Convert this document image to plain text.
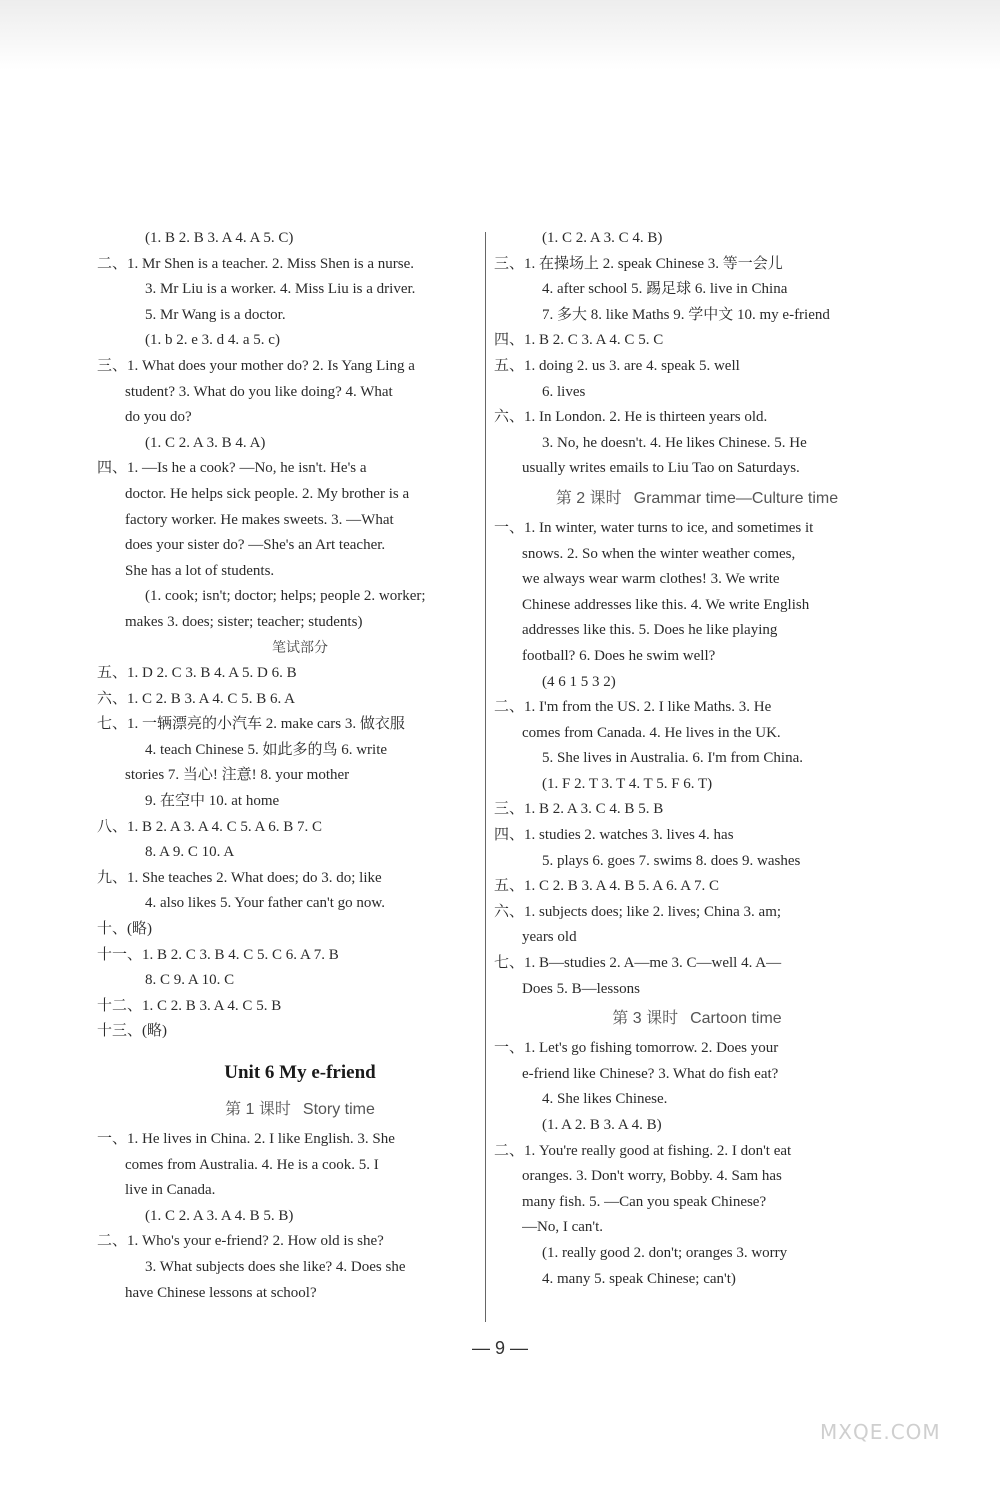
(1. B 2. B 3. A 4. A 5. C)
二、1. Mr Shen is a teacher. 2. Miss Shen is a nurse.
3. Mr Liu is a worker. 4. Miss Liu is a driver.
5. Mr Wang is a doctor.
(1. b 2. e 3. d 4. a 5. c)
三、1. What does your mother do? 2. Is Yang Ling a
student? 3. What do you like doing? 4. What
do you do?
(1. C 2. A 3. B 4. A)
四、1. —Is he a cook? —No, he isn't. He's a
doctor. He helps sick people. 2. My brother is a
factory worker. He makes sweets. 3. —What
does your sister do? —She's an Art teacher.
She has a lot of students.
(1. cook; isn't; doctor; helps; people 2. worker;
makes 3. does; sister; teacher; students)
笔试部分
五、1. D 2. C 3. B 4. A 5. D 6. B
六、1. C 2. B 3. A 4. C 5. B 6. A
七、1. 一辆漂亮的小汽车 2. make cars 3. 做衣服
4. teach Chinese 5. 如此多的鸟 6. write
stories 7. 当心! 注意! 8. your mother
9. 在空中 10. at home
八、1. B 2. A 3. A 4. C 5. A 6. B 7. C
8. A 9. C 10. A
九、1. She teaches 2. What does; do 3. do; like
4. also likes 5. Your father can't go now.
十、(略)
十一、1. B 2. C 3. B 4. C 5. C 6. A 7. B
8. C 9. A 10. C
十二、1. C 2. B 3. A 4. C 5. B
十三、(略)
Unit 6 My e-friend
第 1 课时 Story time
一、1. He lives in China. 2. I like English. 3. She
comes from Australia. 4. He is a cook. 5. I
live in Canada.
(1. C 2. A 3. A 4. B 5. B)
二、1. Who's your e-friend? 2. How old is she?
3. What subjects does she like? 4. Does she
have Chinese lessons at school?
(1. C 2. A 3. C 4. B)
三、1. 在操场上 2. speak Chinese 3. 等一会儿
4. after school 5. 踢足球 6. live in China
7. 多大 8. like Maths 9. 学中文 10. my e-friend
四、1. B 2. C 3. A 4. C 5. C
五、1. doing 2. us 3. are 4. speak 5. well
6. lives
六、1. In London. 2. He is thirteen years old.
3. No, he doesn't. 4. He likes Chinese. 5. He
usually writes emails to Liu Tao on Saturdays.
第 2 课时 Grammar time—Culture time
一、1. In winter, water turns to ice, and sometimes it
snows. 2. So when the winter weather comes,
we always wear warm clothes! 3. We write
Chinese addresses like this. 4. We write English
addresses like this. 5. Does he like playing
football? 6. Does he swim well?
(4 6 1 5 3 2)
二、1. I'm from the US. 2. I like Maths. 3. He
comes from Canada. 4. He lives in the UK.
5. She lives in Australia. 6. I'm from China.
(1. F 2. T 3. T 4. T 5. F 6. T)
三、1. B 2. A 3. C 4. B 5. B
四、1. studies 2. watches 3. lives 4. has
5. plays 6. goes 7. swims 8. does 9. washes
五、1. C 2. B 3. A 4. B 5. A 6. A 7. C
六、1. subjects does; like 2. lives; China 3. am;
years old
七、1. B—studies 2. A—me 3. C—well 4. A—
Does 5. B—lessons
第 3 课时 Cartoon time
一、1. Let's go fishing tomorrow. 2. Does your
e-friend like Chinese? 3. What do fish eat?
4. She likes Chinese.
(1. A 2. B 3. A 4. B)
二、1. You're really good at fishing. 2. I don't eat
oranges. 3. Don't worry, Bobby. 4. Sam has
many fish. 5. —Can you speak Chinese?
—No, I can't.
(1. really good 2. don't; oranges 3. worry
4. many 5. speak Chinese; can't)
— 9 —
MXQE.COM
